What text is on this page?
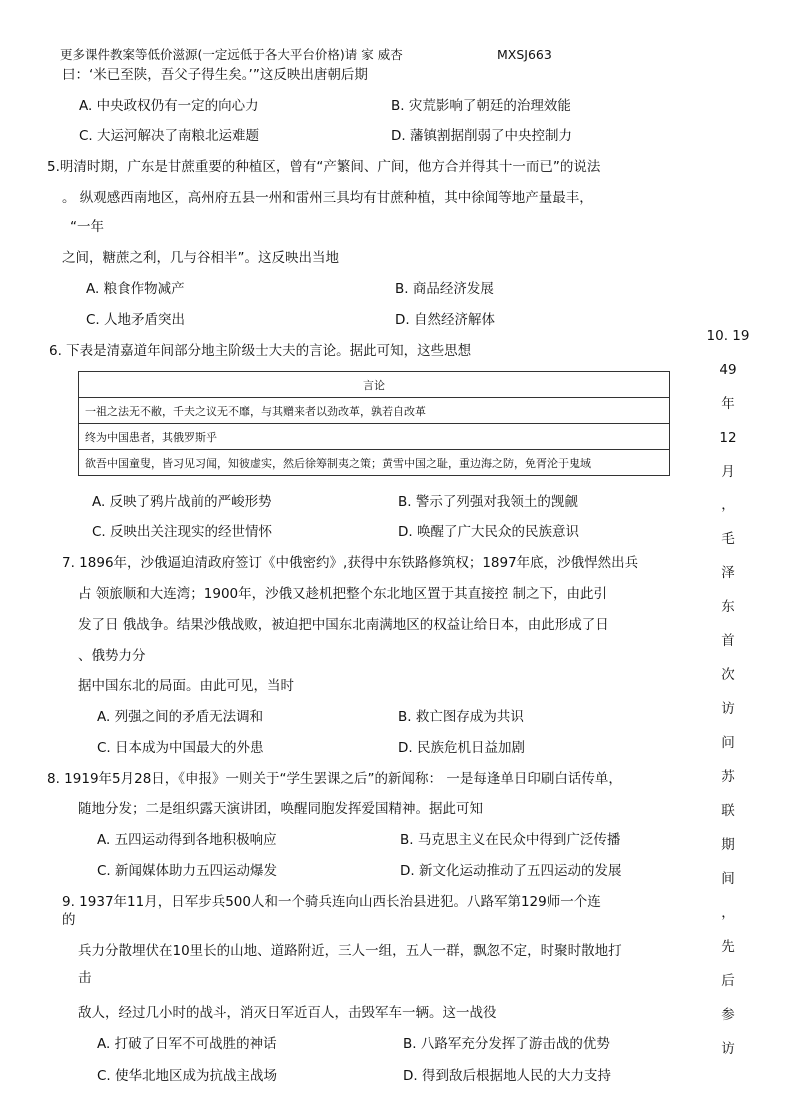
更多课件教案等低价滋源(一定远低于各大平台价格)请 家 威杏	MXSJ663
曰：‘米已至陕，吾父子得生矣。’”这反映出唐朝后期
A. 中央政权仍有一定的向心力	B. 灾荒影响了朝廷的治理效能
C. 大运河解决了南粮北运难题	D. 藩镇割据削弱了中央控制力
5.明清时期，广东是甘蔗重要的种植区，曾有“产繁间、广间，他方合并得其十一而已”的说法
。 纵观感西南地区，高州府五县一州和雷州三具均有甘蔗种植，其中徐闻等地产量最丰，
“一年
之间，糖蔗之利，几与谷相半”。这反映出当地
A. 粮食作物减产	B. 商品经济发展
C. 人地矛盾突出	D. 自然经济解体
6. 下表是清嘉道年间部分地主阶级士大夫的言论。据此可知，这些思想
言论
一祖之法无不敝，千夫之议无不靡，与其赠来者以劲改革，孰若自改革
终为中国患者，其俄罗斯乎
欲吾中国童叟，皆习见习闻，知彼虚实，然后徐筹制夷之策；黄雪中国之耻，重边海之防，免胥沦于鬼域
A. 反映了鸦片战前的严峻形势	B. 警示了列强对我领土的觊觎
C. 反映出关注现实的经世情怀	D. 唤醒了广大民众的民族意识
7. 1896年，沙俄逼迫清政府签订《中俄密约》,获得中东铁路修筑权；1897年底，沙俄悍然出兵
占 领旅顺和大连湾；1900年，沙俄又趁机把整个东北地区置于其直接控 制之下，由此引
发了日 俄战争。结果沙俄战败，被迫把中国东北南满地区的权益让给日本，由此形成了日
、俄势力分
据中国东北的局面。由此可见，当时
A. 列强之间的矛盾无法调和	B. 救亡图存成为共识
C. 日本成为中国最大的外患	D. 民族危机日益加剧
8. 1919年5月28日，《申报》一则关于“学生罢课之后”的新闻称： 一是每逢单日印刷白话传单，
随地分发；二是组织露天演讲团，唤醒同胞发挥爱国精神。据此可知
A. 五四运动得到各地积极响应	B. 马克思主义在民众中得到广泛传播
C. 新闻媒体助力五四运动爆发	D. 新文化运动推动了五四运动的发展
9. 1937年11月，日军步兵500人和一个骑兵连向山西长治县进犯。八路军第129师一个连
的
兵力分散埋伏在10里长的山地、道路附近，三人一组，五人一群，飘忽不定，时聚时散地打
击
敌人，经过几小时的战斗，消灭日军近百人，击毁军车一辆。这一战役
A. 打破了日军不可战胜的神话	B. 八路军充分发挥了游击战的优势
C. 使华北地区成为抗战主战场	D. 得到敌后根据地人民的大力支持
10. 19
49
年
12
月
，
毛
泽
东
首
次
访
问
苏
联
期
间
，
先
后
参
访
